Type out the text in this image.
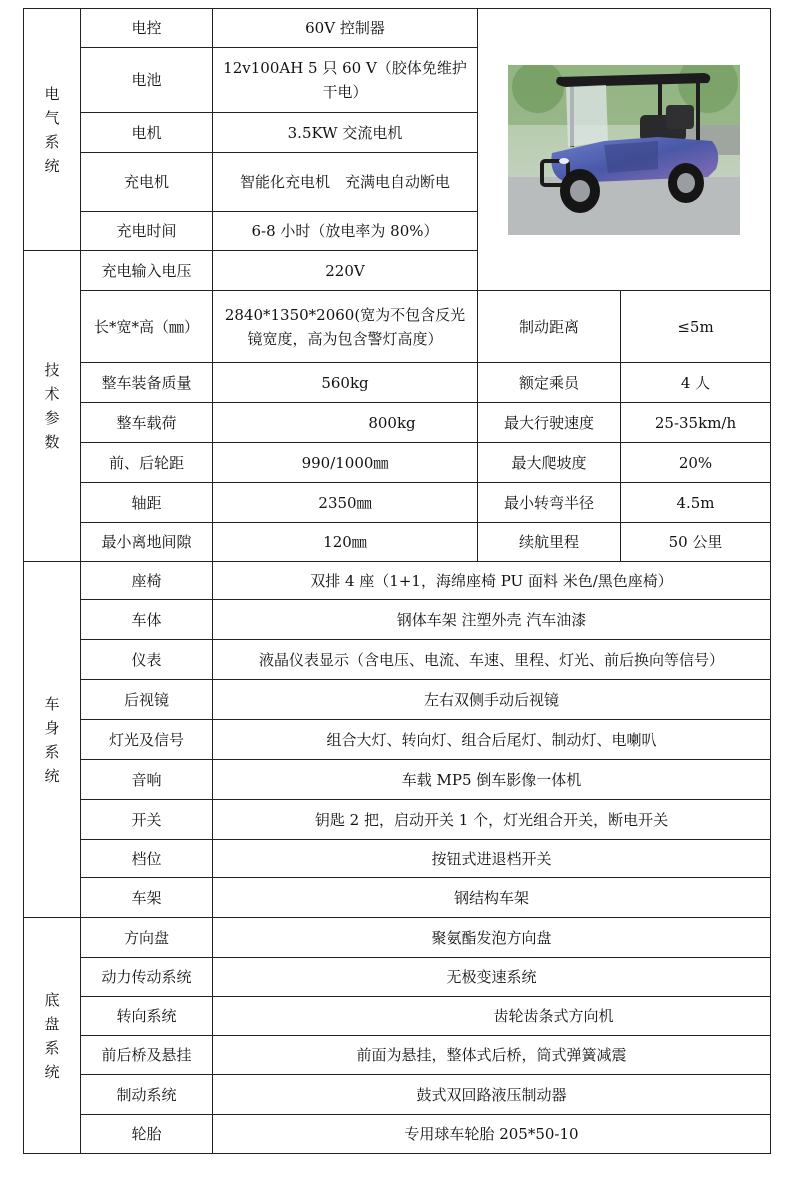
电气系统	电控	60V 控制器	

	电池	12v100AH 5 只 60 V（胶体免维护干电）		
	电机	3.5KW 交流电机		
	充电机	智能化充电机　充满电自动断电		
	充电时间	6-8 小时（放电率为 80%）		

技术参数	充电输入电压	220V		
	长*宽*高（㎜）	2840*1350*2060(宽为不包含反光镜宽度，高为包含警灯高度）	制动距离	≤5m
	整车装备质量	560kg	额定乘员	4 人
	整车载荷	800kg	最大行驶速度	25-35km/h
	前、后轮距	990/1000㎜	最大爬坡度	20%
	轴距	2350㎜	最小转弯半径	4.5m
	最小离地间隙	120㎜	续航里程	50 公里

车身系统	座椅	双排 4 座（1+1，海绵座椅 PU 面料 米色/黑色座椅）		
	车体	钢体车架 注塑外壳 汽车油漆		
	仪表	液晶仪表显示（含电压、电流、车速、里程、灯光、前后换向等信号）		
	后视镜	左右双侧手动后视镜		
	灯光及信号	组合大灯、转向灯、组合后尾灯、制动灯、电喇叭		
	音响	车载 MP5 倒车影像一体机		
	开关	钥匙 2 把，启动开关 1 个，灯光组合开关，断电开关		
	档位	按钮式进退档开关		
	车架	钢结构车架		

底盘系统	方向盘	聚氨酯发泡方向盘		
	动力传动系统	无极变速系统		
	转向系统	齿轮齿条式方向机		
	前后桥及悬挂	前面为悬挂，整体式后桥，筒式弹簧减震		
	制动系统	鼓式双回路液压制动器		
	轮胎	专用球车轮胎 205*50-10		
